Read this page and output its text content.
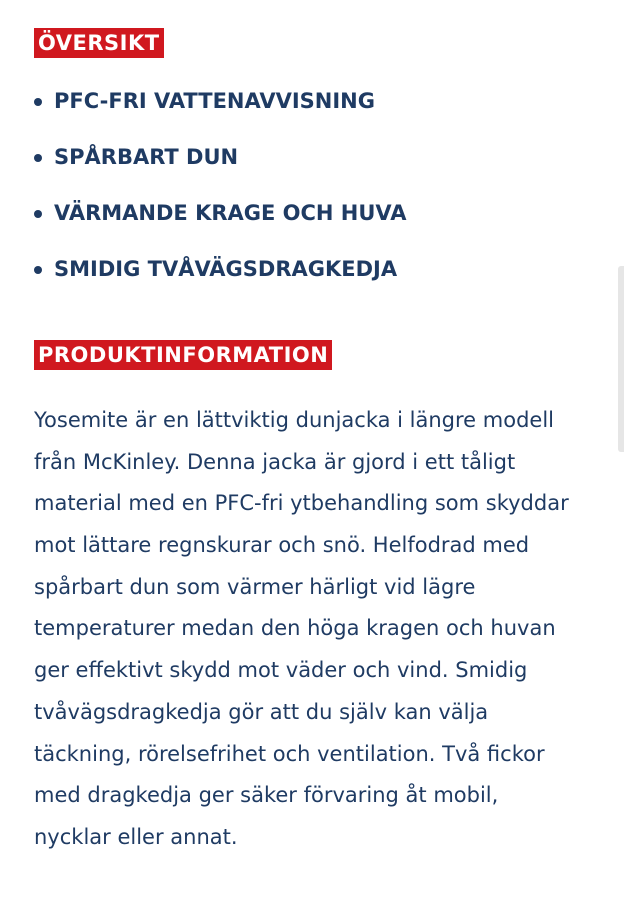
ÖVERSIKT
PFC-FRI VATTENAVVISNING
SPÅRBART DUN
VÄRMANDE KRAGE OCH HUVA
SMIDIG TVÅVÄGSDRAGKEDJA
PRODUKTINFORMATION

Yosemite är en lättviktig dunjacka i längre modell
från McKinley. Denna jacka är gjord i ett tåligt
material med en PFC-fri ytbehandling som skyddar
mot lättare regnskurar och snö. Helfodrad med
spårbart dun som värmer härligt vid lägre
temperaturer medan den höga kragen och huvan
ger effektivt skydd mot väder och vind. Smidig
tvåvägsdragkedja gör att du själv kan välja
täckning, rörelsefrihet och ventilation. Två fickor
med dragkedja ger säker förvaring åt mobil,
nycklar eller annat.
